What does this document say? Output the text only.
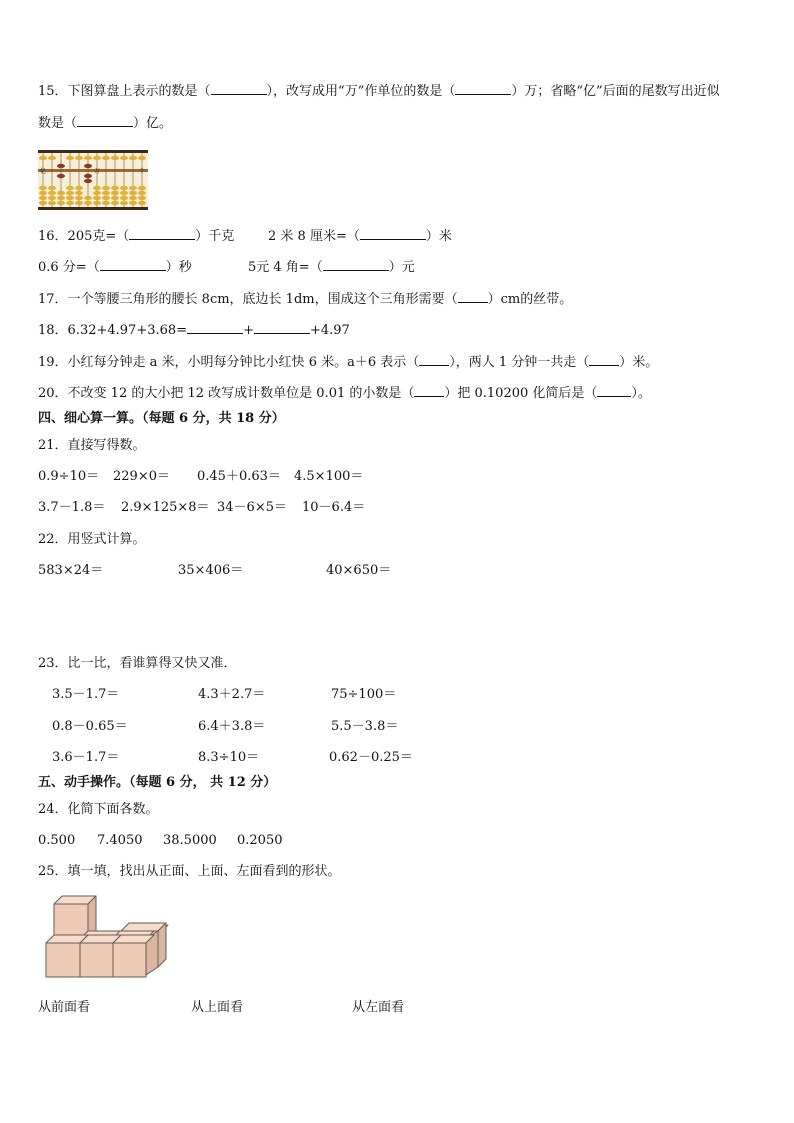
15．下图算盘上表示的数是（	），改写成用“万”作单位的数是（	）万；省略“亿”后面的尾数写出近似
数是（	）亿。
亿	万	个
16．205克=（	）千克	2 米 8 厘米=（	）米
0.6 分=（	）秒	5元 4 角=（	）元
17．一个等腰三角形的腰长 8cm，底边长 1dm，围成这个三角形需要（ ）cm的丝带。
18．6.32+4.97+3.68=	+	+4.97
19．小红每分钟走 a 米，小明每分钟比小红快 6 米。a＋6 表示（ ），两人 1 分钟一共走（ ）米。
20．不改变 12 的大小把 12 改写成计数单位是 0.01 的小数是（ ）把 0.10200 化简后是（	）。
四、细心算一算。（每题 6 分，共 18 分）
21．直接写得数。
0.9÷10＝ 229×0＝ 0.45＋0.63＝ 4.5×100＝
3.7－1.8＝ 2.9×125×8＝ 34－6×5＝ 10－6.4＝
22．用竖式计算。
583×24＝	35×406＝	40×650＝
23．比一比，看谁算得又快又准．
3.5－1.7＝	4.3＋2.7＝	75÷100＝
0.8－0.65＝	6.4＋3.8＝	5.5－3.8＝
3.6－1.7＝	8.3÷10＝	0.62－0.25＝
五、动手操作。（每题 6 分， 共 12 分）
24．化简下面各数。
0.500 7.4050 38.5000 0.2050
25．填一填，找出从正面、上面、左面看到的形状。
从前面看	从上面看	从左面看
